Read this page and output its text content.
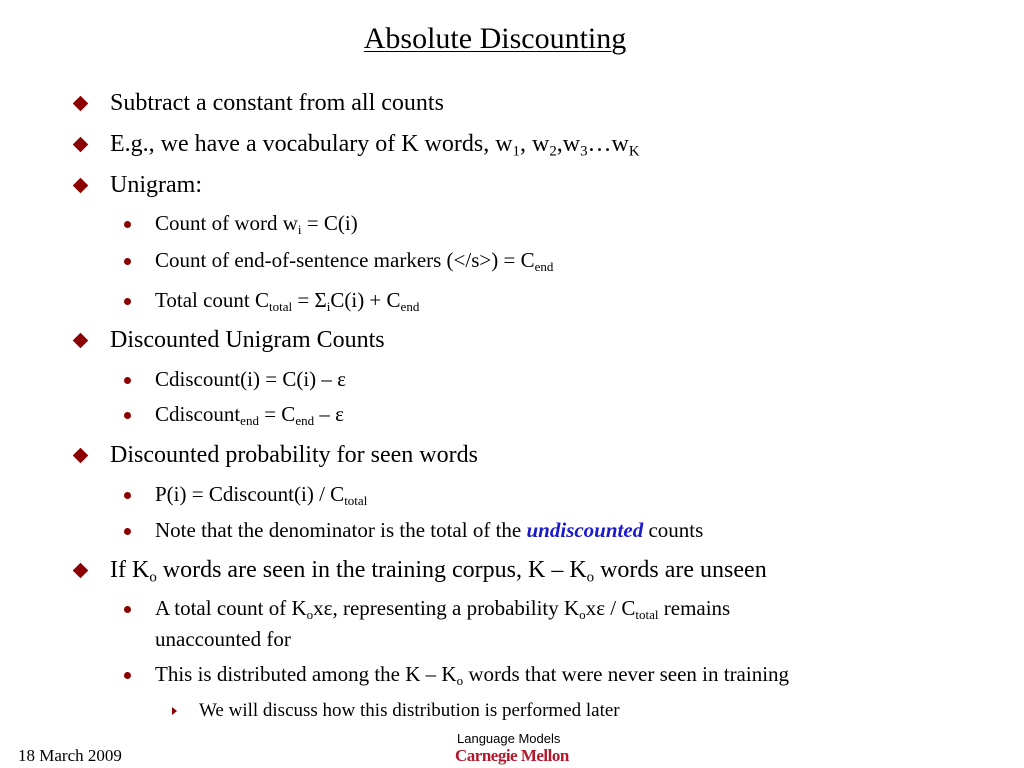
Absolute Discounting
Subtract a constant from all counts
E.g., we have a vocabulary of K words, $w_1$, $w_2,w_3\dots w_K$
Unigram:
Count of word $w_i = C(i)$
Count of end-of-sentence markers $(</s>) = C_{end}$
Total count $C_{total} = \Sigma_iC(i) + C_{end}$
Discounted Unigram Counts
Cdiscount(i) = C(i) – ε
Cdiscount$_{end}$ = $C_{end}$ – ε
Discounted probability for seen words
P(i) = Cdiscount(i) / $C_{total}$
Note that the denominator is the total of the undiscounted counts
If $K_o$ words are seen in the training corpus, K – $K_o$ words are unseen
A total count of $K_ox\varepsilon$, representing a probability $K_ox\varepsilon / C_{total}$ remains
unaccounted for
This is distributed among the K – $K_o$ words that were never seen in training
We will discuss how this distribution is performed later
18 March 2009
Language Models
Carnegie Mellon
